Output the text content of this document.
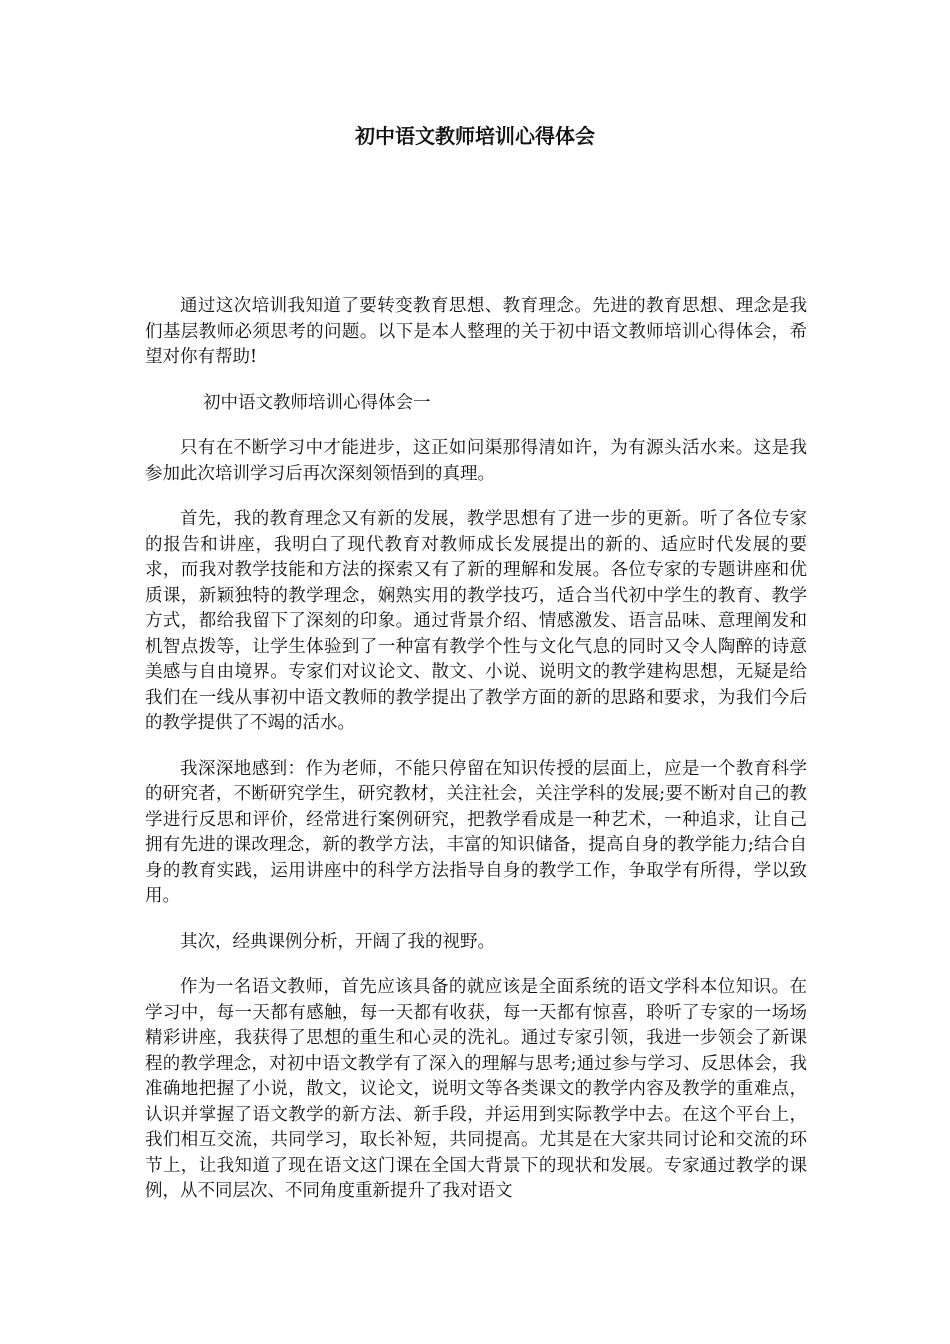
初中语文教师培训心得体会

通过这次培训我知道了要转变教育思想、教育理念。先进的教育思想、理念是我们基层教师必须思考的问题。以下是本人整理的关于初中语文教师培训心得体会，希望对你有帮助!

初中语文教师培训心得体会一

只有在不断学习中才能进步，这正如问渠那得清如许，为有源头活水来。这是我参加此次培训学习后再次深刻领悟到的真理。

首先，我的教育理念又有新的发展，教学思想有了进一步的更新。听了各位专家的报告和讲座，我明白了现代教育对教师成长发展提出的新的、适应时代发展的要求，而我对教学技能和方法的探索又有了新的理解和发展。各位专家的专题讲座和优质课，新颖独特的教学理念，娴熟实用的教学技巧，适合当代初中学生的教育、教学方式，都给我留下了深刻的印象。通过背景介绍、情感激发、语言品味、意理阐发和机智点拨等，让学生体验到了一种富有教学个性与文化气息的同时又令人陶醉的诗意美感与自由境界。专家们对议论文、散文、小说、说明文的教学建构思想，无疑是给我们在一线从事初中语文教师的教学提出了教学方面的新的思路和要求，为我们今后的教学提供了不竭的活水。

我深深地感到：作为老师，不能只停留在知识传授的层面上，应是一个教育科学的研究者，不断研究学生，研究教材，关注社会，关注学科的发展;要不断对自己的教学进行反思和评价，经常进行案例研究，把教学看成是一种艺术，一种追求，让自己拥有先进的课改理念，新的教学方法，丰富的知识储备，提高自身的教学能力;结合自身的教育实践，运用讲座中的科学方法指导自身的教学工作，争取学有所得，学以致用。

其次，经典课例分析，开阔了我的视野。

作为一名语文教师，首先应该具备的就应该是全面系统的语文学科本位知识。在学习中，每一天都有感触，每一天都有收获，每一天都有惊喜，聆听了专家的一场场精彩讲座，我获得了思想的重生和心灵的洗礼。通过专家引领，我进一步领会了新课程的教学理念，对初中语文教学有了深入的理解与思考;通过参与学习、反思体会，我准确地把握了小说，散文，议论文，说明文等各类课文的教学内容及教学的重难点，认识并掌握了语文教学的新方法、新手段，并运用到实际教学中去。在这个平台上，我们相互交流，共同学习，取长补短，共同提高。尤其是在大家共同讨论和交流的环节上，让我知道了现在语文这门课在全国大背景下的现状和发展。专家通过教学的课例，从不同层次、不同角度重新提升了我对语文
